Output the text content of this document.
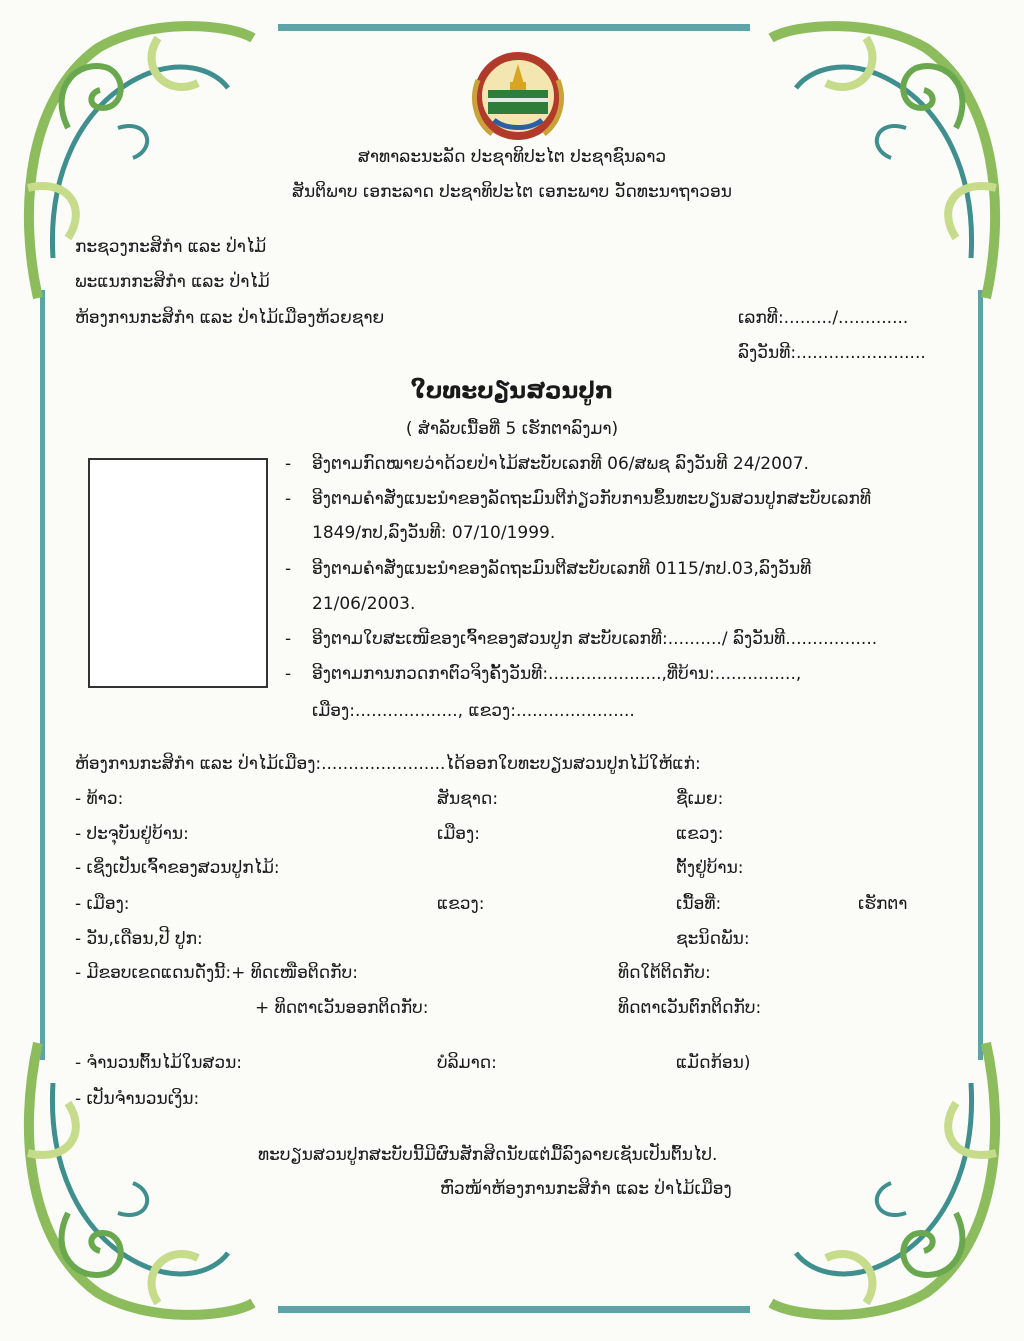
ສາທາລະນະລັດ ປະຊາທິປະໄຕ ປະຊາຊົນລາວ
ສັນຕິພາບ ເອກະລາດ ປະຊາທິປະໄຕ ເອກະພາບ ວັດທະນາຖາວອນ
ກະຊວງກະສິກຳ ແລະ ປ່າໄມ້
ພະແນກກະສິກຳ ແລະ ປ່າໄມ້
ຫ້ອງການກະສິກຳ ແລະ ປ່າໄມ້ເມືອງຫ້ວຍຊາຍ	ເລກທີ:........./.............
ລົງວັນທີ:........................
ໃບທະບຽນສວນປູກ
( ສຳລັບເນື້ອທີ່ 5 ເຮັກຕາລົງມາ)
- ອີງຕາມກົດໝາຍວ່າດ້ວຍປ່າໄມ້ສະບັບເລກທີ 06/ສພຊ ລົງວັນທີ 24/2007.
- ອີງຕາມຄຳສັ່ງແນະນຳຂອງລັດຖະມົນຕີກ່ຽວກັບການຂຶ້ນທະບຽນສວນປູກສະບັບເລກທີ
1849/ກປ,ລົງວັນທີ: 07/10/1999.
- ອີງຕາມຄຳສັ່ງແນະນຳຂອງລັດຖະມົນຕີສະບັບເລກທີ 0115/ກປ.03,ລົງວັນທີ
21/06/2003.
- ອີງຕາມໃບສະເໜີຂອງເຈົ້າຂອງສວນປູກ ສະບັບເລກທີ:........../ ລົງວັນທີ.................
- ອີງຕາມການກວດກາຕົວຈິງຄັ້ງວັນທີ:.....................,ທີ່ບ້ານ:...............,
ເມືອງ:..................., ແຂວງ:......................
ຫ້ອງການກະສິກຳ ແລະ ປ່າໄມ້ເມືອງ:.......................ໄດ້ອອກໃບທະບຽນສວນປູກໄມ້ໃຫ້ແກ່:
- ທ້າວ:	ສັນຊາດ:	ຊື່ເມຍ:
- ປະຈຸບັນຢູ່ບ້ານ:	ເມືອງ:	ແຂວງ:
- ເຊິ່ງເປັນເຈົ້າຂອງສວນປູກໄມ້:	ຕັ້ງຢູ່ບ້ານ:
- ເມືອງ:	ແຂວງ:	ເນື້ອທີ່:	ເຮັກຕາ
- ວັນ,ເດືອນ,ປີ ປູກ:	ຊະນິດພັນ:
- ມີຂອບເຂດແດນດັ່ງນີ້:+ ທິດເໜືອຕິດກັບ:	ທິດໃຕ້ຕິດກັບ:
+ ທິດຕາເວັນອອກຕິດກັບ:	ທິດຕາເວັນຕົກຕິດກັບ:
- ຈຳນວນຕົ້ນໄມ້ໃນສວນ:	ບໍລິມາດ:	ແມັດກ້ອນ)
- ເປັນຈຳນວນເງິນ:
ທະບຽນສວນປູກສະບັບນີ້ມີຜົນສັກສິດນັບແຕ່ມື້ລົງລາຍເຊັນເປັນຕົ້ນໄປ.
ຫົວໜ້າຫ້ອງການກະສິກຳ ແລະ ປ່າໄມ້ເມືອງ
